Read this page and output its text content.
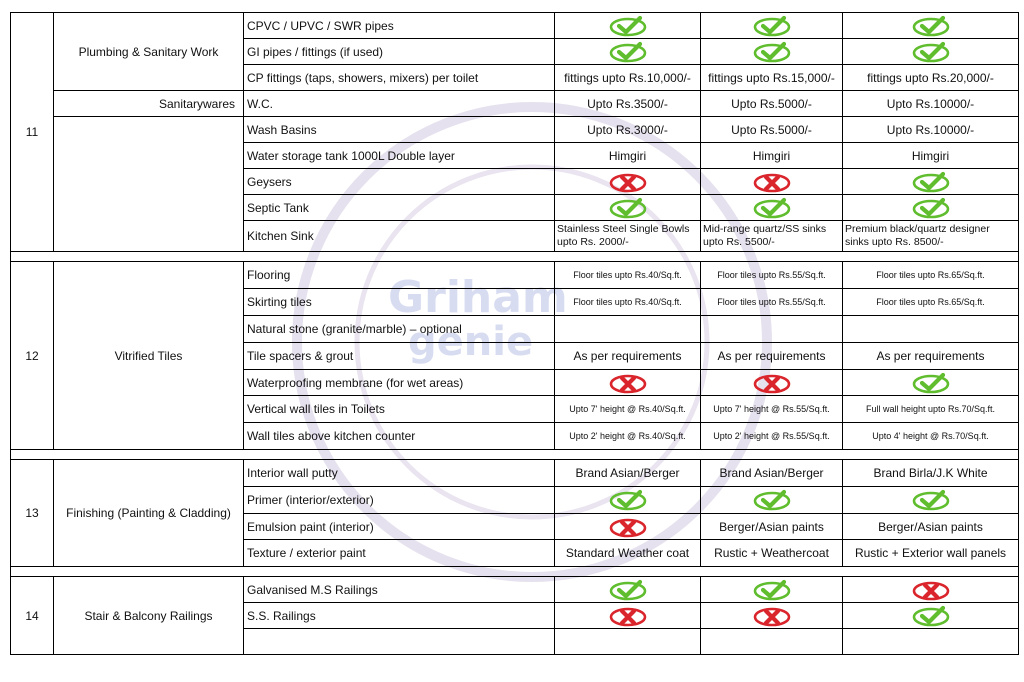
Griham
genie
11	Plumbing & Sanitary Work	CPVC / UPVC / SWR pipes	

		GI pipes / fittings (if used)	

		CP fittings (taps, showers, mixers) per toilet	fittings upto Rs.10,000/-	fittings upto Rs.15,000/-	fittings upto Rs.20,000/-
	Sanitarywares	W.C.	Upto Rs.3500/-	Upto Rs.5000/-	Upto Rs.10000/-
		Wash Basins	Upto Rs.3000/-	Upto Rs.5000/-	Upto Rs.10000/-
		Water storage tank 1000L Double layer	Himgiri	Himgiri	Himgiri
		Geysers	

		Septic Tank	

		Kitchen Sink	Stainless Steel Single Bowls upto Rs. 2000/-	Mid-range quartz/SS sinks upto Rs. 5500/-	Premium black/quartz designer sinks upto Rs. 8500/-

12	Vitrified Tiles	Flooring	Floor tiles upto Rs.40/Sq.ft.	Floor tiles upto Rs.55/Sq.ft.	Floor tiles upto Rs.65/Sq.ft.
		Skirting tiles	Floor tiles upto Rs.40/Sq.ft.	Floor tiles upto Rs.55/Sq.ft.	Floor tiles upto Rs.65/Sq.ft.
		Natural stone (granite/marble) – optional			
		Tile spacers & grout	As per requirements	As per requirements	As per requirements
		Waterproofing membrane (for wet areas)	

		Vertical wall tiles in Toilets	Upto 7' height @ Rs.40/Sq.ft.	Upto 7' height @ Rs.55/Sq.ft.	Full wall height upto Rs.70/Sq.ft.
		Wall tiles above kitchen counter	Upto 2' height @ Rs.40/Sq.ft.	Upto 2' height @ Rs.55/Sq.ft.	Upto 4' height @ Rs.70/Sq.ft.

13	Finishing (Painting & Cladding)	Interior wall putty	Brand Asian/Berger	Brand Asian/Berger	Brand Birla/J.K White
		Primer (interior/exterior)	

		Emulsion paint (interior)		Berger/Asian paints	Berger/Asian paints
		Texture / exterior paint	Standard Weather coat	Rustic + Weathercoat	Rustic + Exterior wall panels

14	Stair & Balcony Railings	Galvanised M.S Railings	

		S.S. Railings	
